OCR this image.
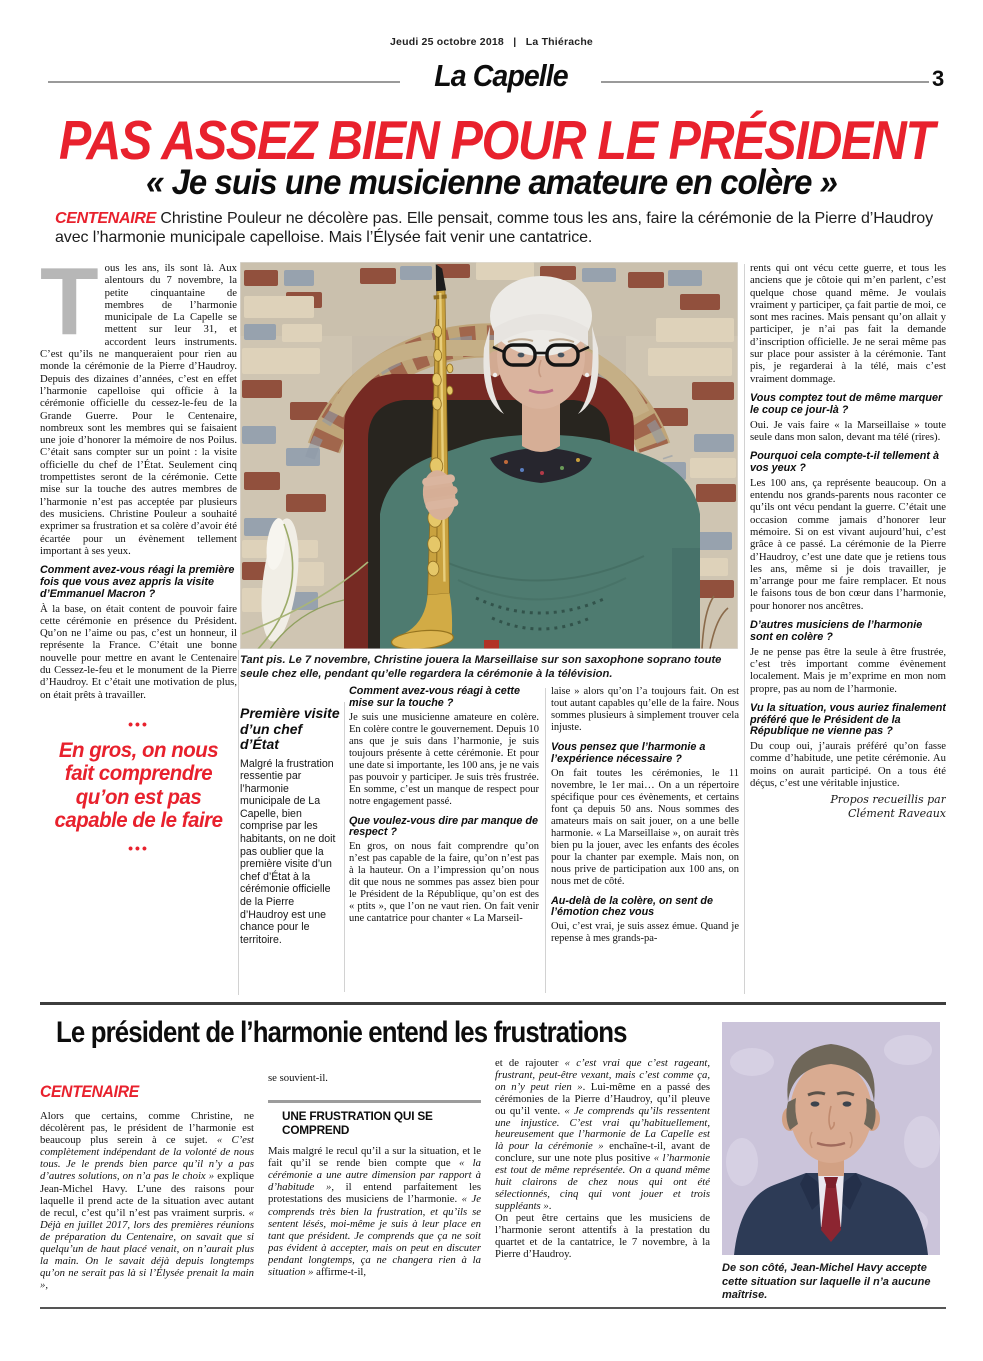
Jeudi 25 octobre 2018 | La Thiérache
La Capelle	3
PAS ASSEZ BIEN POUR LE PRÉSIDENT
« Je suis une musicienne amateure en colère »
CENTENAIRE Christine Pouleur ne décolère pas. Elle pensait, comme tous les ans, faire la cérémonie de la Pierre d’Haudroy avec l’harmonie municipale capelloise. Mais l’Élysée fait venir une cantatrice.
Tous les ans, ils sont là. Aux alentours du 7 novembre, la petite cinquantaine de membres de l’harmonie municipale de La Capelle se mettent sur leur 31, et accordent leurs instruments. C’est qu’ils ne manqueraient pour rien au monde la cérémonie de la Pierre d’Haudroy. Depuis des dizaines d’années, c’est en effet l’harmonie capelloise qui officie à la cérémonie officielle du cessez-le-feu de la Grande Guerre. Pour le Centenaire, nombreux sont les membres qui se faisaient une joie d’honorer la mémoire de nos Poilus. C’était sans compter sur un point : la visite officielle du chef de l’État. Seulement cinq trompettistes seront de la cérémonie. Cette mise sur la touche des autres membres de l’harmonie n’est pas acceptée par plusieurs des musiciens. Christine Pouleur a souhaité exprimer sa frustration et sa colère d’avoir été écartée pour un évènement tellement important à ses yeux.
Comment avez-vous réagi la première fois que vous avez appris la visite d’Emmanuel Macron ?
À la base, on était content de pouvoir faire cette cérémonie en présence du Président. Qu’on ne l’aime ou pas, c’est un honneur, il représente la France. C’était une bonne nouvelle pour mettre en avant le Centenaire du Cessez-le-feu et le monument de la Pierre d’Haudroy. Et c’était une motivation de plus, on était prêts à travailler.
•••
En gros, on nous fait comprendre qu’on est pas capable de le faire
•••
Tant pis. Le 7 novembre, Christine jouera la Marseillaise sur son saxophone soprano toute seule chez elle, pendant qu’elle regardera la cérémonie à la télévision.
Première visite d’un chef d’État
Malgré la frustration ressentie par l’harmonie municipale de La Capelle, bien comprise par les habitants, on ne doit pas oublier que la première visite d’un chef d’État à la cérémonie officielle de la Pierre d’Haudroy est une chance pour le territoire.
Comment avez-vous réagi à cette mise sur la touche ?
Je suis une musicienne amateure en colère. En colère contre le gouvernement. Depuis 10 ans que je suis dans l’harmonie, je suis toujours présente à cette cérémonie. Et pour une date si importante, les 100 ans, je ne vais pas pouvoir y participer. Je suis très frustrée. En somme, c’est un manque de respect pour notre engagement passé.
Que voulez-vous dire par manque de respect ?
En gros, on nous fait comprendre qu’on n’est pas capable de la faire, qu’on n’est pas à la hauteur. On a l’impression qu’on nous dit que nous ne sommes pas assez bien pour le Président de la République, qu’on est des « ptits », que l’on ne vaut rien. On fait venir une cantatrice pour chanter « La Marseil-
laise » alors qu’on l’a toujours fait. On est tout autant capables qu’elle de la faire. Nous sommes plusieurs à simplement trouver cela injuste.
Vous pensez que l’harmonie a l’expérience nécessaire ?
On fait toutes les cérémonies, le 11 novembre, le 1er mai… On a un répertoire spécifique pour ces évènements, et certains font ça depuis 50 ans. Nous sommes des amateurs mais on sait jouer, on a une belle harmonie. « La Marseillaise », on aurait très bien pu la jouer, avec les enfants des écoles pour la chanter par exemple. Mais non, on nous prive de participation aux 100 ans, on nous met de côté.
Au-delà de la colère, on sent de l’émotion chez vous
Oui, c’est vrai, je suis assez émue. Quand je repense à mes grands-pa-
rents qui ont vécu cette guerre, et tous les anciens que je côtoie qui m’en parlent, c’est quelque chose quand même. Je voulais vraiment y participer, ça fait partie de moi, ce sont mes racines. Mais pensant qu’on allait y participer, je n’ai pas fait la demande d’inscription officielle. Je ne serai même pas sur place pour assister à la cérémonie. Tant pis, je regarderai à la télé, mais c’est vraiment dommage.
Vous comptez tout de même marquer le coup ce jour-là ?
Oui. Je vais faire « la Marseillaise » toute seule dans mon salon, devant ma télé (rires).
Pourquoi cela compte-t-il tellement à vos yeux ?
Les 100 ans, ça représente beaucoup. On a entendu nos grands-parents nous raconter ce qu’ils ont vécu pendant la guerre. C’était une occasion comme jamais d’honorer leur mémoire. Si on est vivant aujourd’hui, c’est grâce à ce passé. La cérémonie de la Pierre d’Haudroy, c’est une date que je retiens tous les ans, même si je dois travailler, je m’arrange pour me faire remplacer. Et nous le faisons tous de bon cœur dans l’harmonie, pour honorer nos ancêtres.
D’autres musiciens de l’harmonie sont en colère ?
Je ne pense pas être la seule à être frustrée, c’est très important comme évènement localement. Mais je m’exprime en mon nom propre, pas au nom de l’harmonie.
Vu la situation, vous auriez finalement préféré que le Président de la République ne vienne pas ?
Du coup oui, j’aurais préféré qu’on fasse comme d’habitude, une petite cérémonie. Au moins on aurait participé. On a tous été déçus, c’est une véritable injustice.
Propos recueillis par
Clément Raveaux
Le président de l’harmonie entend les frustrations
CENTENAIRE
Alors que certains, comme Christine, ne décolèrent pas, le président de l’harmonie est beaucoup plus serein à ce sujet. « C’est complètement indépendant de la volonté de nous tous. Je le prends bien parce qu’il n’y a pas d’autres solutions, on n’a pas le choix » explique Jean-Michel Havy. L’une des raisons pour laquelle il prend acte de la situation avec autant de recul, c’est qu’il n’est pas vraiment surpris. « Déjà en juillet 2017, lors des premières réunions de préparation du Centenaire, on savait que si quelqu’un de haut placé venait, on n’aurait plus la main. On le savait déjà depuis longtemps qu’on ne serait pas là si l’Élysée prenait la main »,
se souvient-il.
UNE FRUSTRATION QUI SE COMPREND
Mais malgré le recul qu’il a sur la situation, et le fait qu’il se rende bien compte que « la cérémonie a une autre dimension par rapport à d’habitude », il entend parfaitement les protestations des musiciens de l’harmonie. « Je comprends très bien la frustration, et qu’ils se sentent lésés, moi-même je suis à leur place en tant que président. Je comprends que ça ne soit pas évident à accepter, mais on peut en discuter pendant longtemps, ça ne changera rien à la situation » affirme-t-il,
et de rajouter « c’est vrai que c’est rageant, frustrant, peut-être vexant, mais c’est comme ça, on n’y peut rien ». Lui-même en a passé des cérémonies de la Pierre d’Haudroy, qu’il pleuve ou qu’il vente. « Je comprends qu’ils ressentent une injustice. C’est vrai qu’habituellement, heureusement que l’harmonie de La Capelle est là pour la cérémonie » enchaîne-t-il, avant de conclure, sur une note plus positive « l’harmonie est tout de même représentée. On a quand même huit clairons de chez nous qui ont été sélectionnés, cinq qui vont jouer et trois suppléants ».
On peut être certains que les musiciens de l’harmonie seront attentifs à la prestation du quartet et de la cantatrice, le 7 novembre, à la Pierre d’Haudroy.
De son côté, Jean-Michel Havy accepte cette situation sur laquelle il n’a aucune maîtrise.
